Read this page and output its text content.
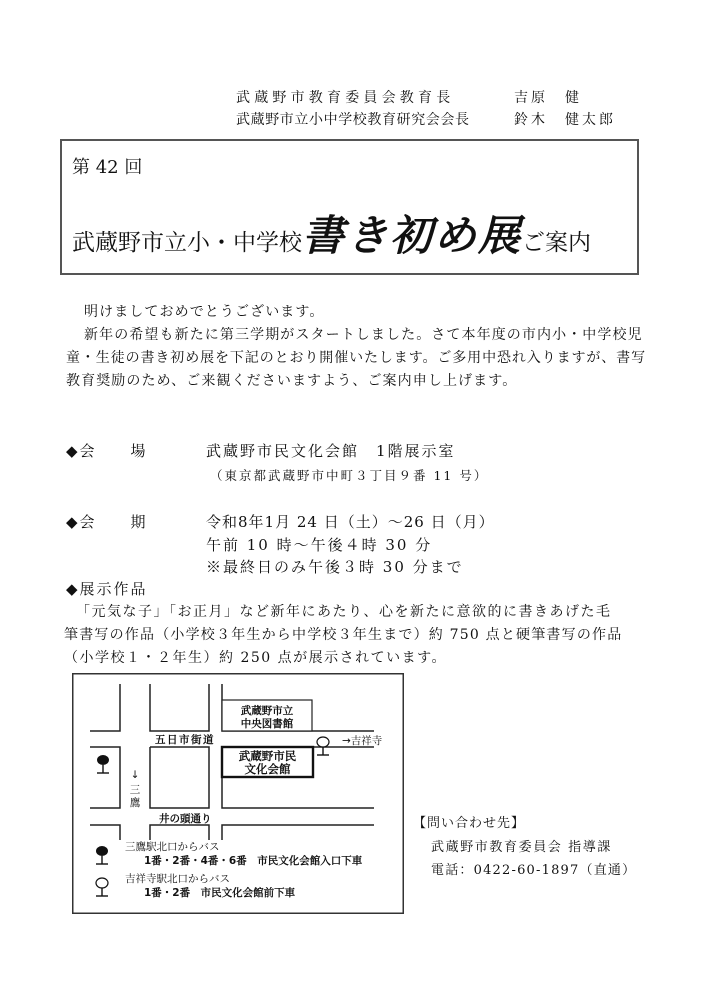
武蔵野市教育委員会教育長	吉原　健
武蔵野市立小中学校教育研究会会長	鈴木　健太郎
第 42 回
武蔵野市立小・中学校書き初め展ご案内
明けましておめでとうございます。
新年の希望も新たに第三学期がスタートしました。さて本年度の市内小・中学校児
童・生徒の書き初め展を下記のとおり開催いたします。ご多用中恐れ入りますが、書写
教育奨励のため、ご来観くださいますよう、ご案内申し上げます。
◆会　　場	武蔵野市民文化会館　1階展示室
（東京都武蔵野市中町３丁目９番 11 号）
◆会　　期	令和8年1月 24 日（土）～26 日（月）
午前 10 時～午後４時 30 分
※最終日のみ午後３時 30 分まで
◆展示作品
「元気な子」「お正月」など新年にあたり、心を新たに意欲的に書きあげた毛
筆書写の作品（小学校３年生から中学校３年生まで）約 750 点と硬筆書写の作品
（小学校１・２年生）約 250 点が展示されています。
武蔵野市立
中央図書館
武蔵野市民
文化会館
五日市街道
井の頭通り
→吉祥寺
↓
三
鷹
三鷹駅北口からバス
1番・2番・4番・6番　市民文化会館入口下車
吉祥寺駅北口からバス
1番・2番　市民文化会館前下車
【問い合わせ先】
武蔵野市教育委員会 指導課
電話：0422-60-1897（直通）
